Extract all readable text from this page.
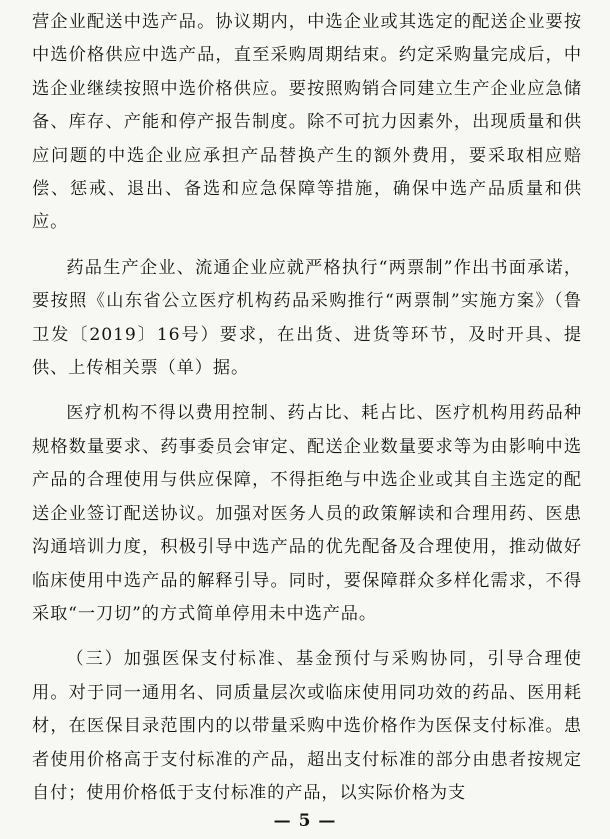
营企业配送中选产品。协议期内，中选企业或其选定的配送企业要按中选价格供应中选产品，直至采购周期结束。约定采购量完成后，中选企业继续按照中选价格供应。要按照购销合同建立生产企业应急储备、库存、产能和停产报告制度。除不可抗力因素外，出现质量和供应问题的中选企业应承担产品替换产生的额外费用，要采取相应赔偿、惩戒、退出、备选和应急保障等措施，确保中选产品质量和供应。

药品生产企业、流通企业应就严格执行“两票制”作出书面承诺，要按照《山东省公立医疗机构药品采购推行“两票制”实施方案》（鲁卫发〔2019〕16号）要求，在出货、进货等环节，及时开具、提供、上传相关票（单）据。

医疗机构不得以费用控制、药占比、耗占比、医疗机构用药品种规格数量要求、药事委员会审定、配送企业数量要求等为由影响中选产品的合理使用与供应保障，不得拒绝与中选企业或其自主选定的配送企业签订配送协议。加强对医务人员的政策解读和合理用药、医患沟通培训力度，积极引导中选产品的优先配备及合理使用，推动做好临床使用中选产品的解释引导。同时，要保障群众多样化需求，不得采取“一刀切”的方式简单停用未中选产品。

（三）加强医保支付标准、基金预付与采购协同，引导合理使用。对于同一通用名、同质量层次或临床使用同功效的药品、医用耗材，在医保目录范围内的以带量采购中选价格作为医保支付标准。患者使用价格高于支付标准的产品，超出支付标准的部分由患者按规定自付；使用价格低于支付标准的产品，以实际价格为支

— 5 —
